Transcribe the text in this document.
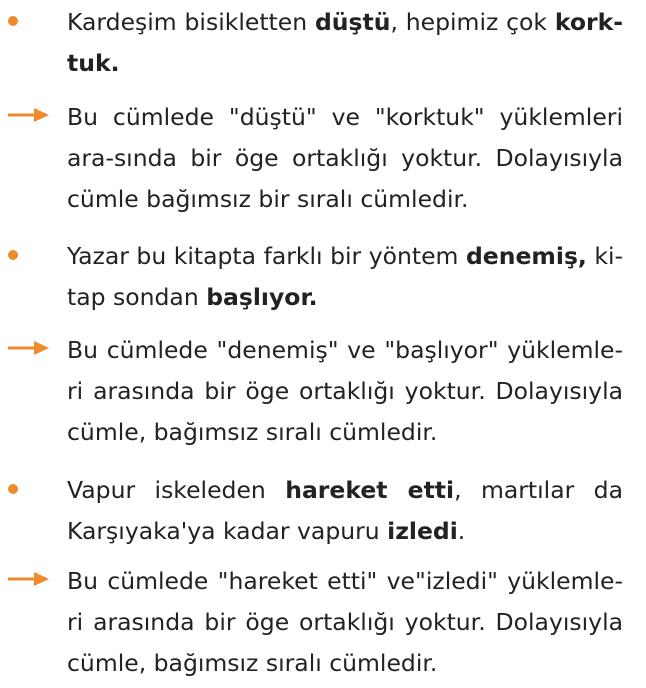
Kardeşim bisikletten düştü, hepimiz çok kork-tuk.
Bu cümlede "düştü" ve "korktuk" yüklemleri ara-sında bir öge ortaklığı yoktur. Dolayısıyla cümle bağımsız bir sıralı cümledir.
Yazar bu kitapta farklı bir yöntem denemiş, ki-tap sondan başlıyor.
Bu cümlede "denemiş" ve "başlıyor" yüklemle-ri arasında bir öge ortaklığı yoktur. Dolayısıyla cümle, bağımsız sıralı cümledir.
Vapur iskeleden hareket etti, martılar da Karşıyaka'ya kadar vapuru izledi.
Bu cümlede "hareket etti" ve"izledi" yüklemle-ri arasında bir öge ortaklığı yoktur. Dolayısıyla cümle, bağımsız sıralı cümledir.
